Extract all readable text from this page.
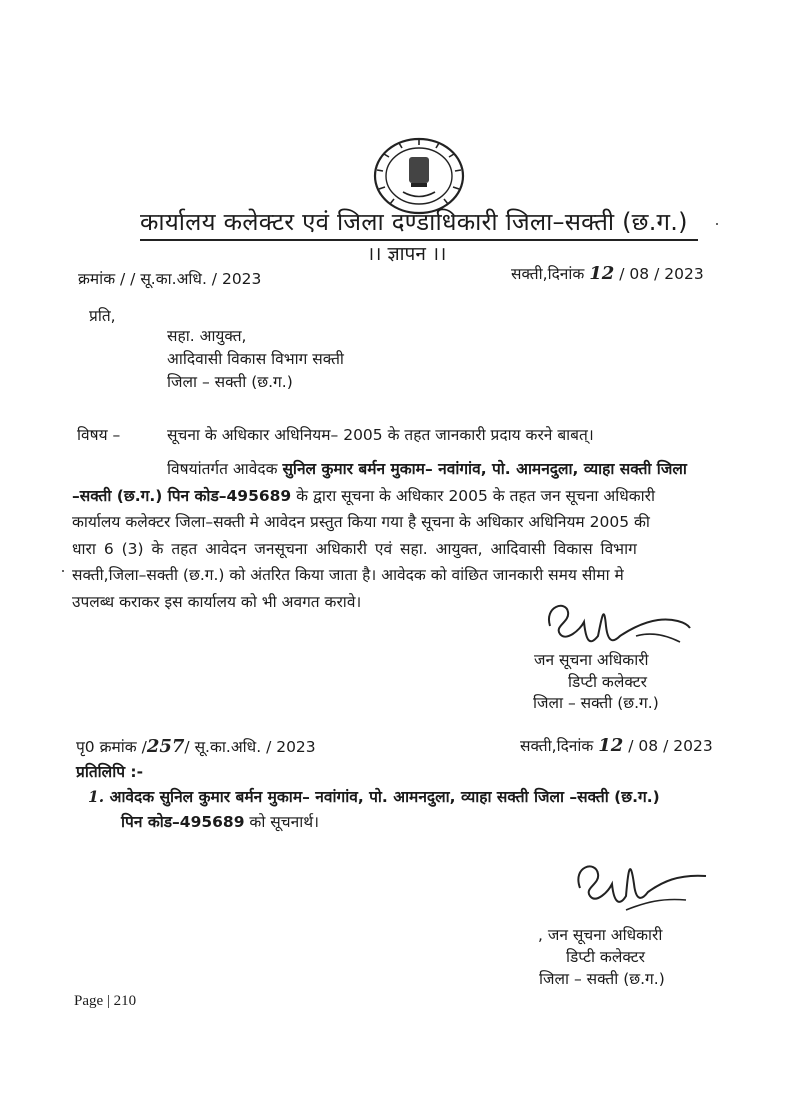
कार्यालय कलेक्टर एवं जिला दण्डाधिकारी जिला–सक्ती (छ.ग.)
।। ज्ञापन ।।
क्रमांक / / सू.का.अधि. / 2023	सक्ती,दिनांक 12 / 08 / 2023
प्रति,
सहा. आयुक्त,
आदिवासी विकास विभाग सक्ती
जिला – सक्ती (छ.ग.)
विषय –	सूचना के अधिकार अधिनियम– 2005 के तहत जानकारी प्रदाय करने बाबत्।
विषयांतर्गत आवेदक सुनिल कुमार बर्मन मुकाम– नवांगांव, पो. आमनदुला, व्याहा सक्ती जिला
–सक्ती (छ.ग.) पिन कोड–495689 के द्वारा सूचना के अधिकार 2005 के तहत जन सूचना अधिकारी
कार्यालय कलेक्टर जिला–सक्ती मे आवेदन प्रस्तुत किया गया है सूचना के अधिकार अधिनियम 2005 की
धारा 6 (3) के तहत आवेदन जनसूचना अधिकारी एवं सहा. आयुक्त, आदिवासी विकास विभाग
सक्ती,जिला–सक्ती (छ.ग.) को अंतरित किया जाता है। आवेदक को वांछित जानकारी समय सीमा मे
उपलब्ध कराकर इस कार्यालय को भी अवगत करावे।
जन सूचना अधिकारी
डिप्टी कलेक्टर
जिला – सक्ती (छ.ग.)
पृ0 क्रमांक /257/ सू.का.अधि. / 2023	सक्ती,दिनांक 12 / 08 / 2023
प्रतिलिपि :-
1. आवेदक सुनिल कुमार बर्मन मुकाम– नवांगांव, पो. आमनदुला, व्याहा सक्ती जिला –सक्ती (छ.ग.)
पिन कोड–495689 को सूचनार्थ।
, जन सूचना अधिकारी
डिप्टी कलेक्टर
जिला – सक्ती (छ.ग.)
Page | 210
